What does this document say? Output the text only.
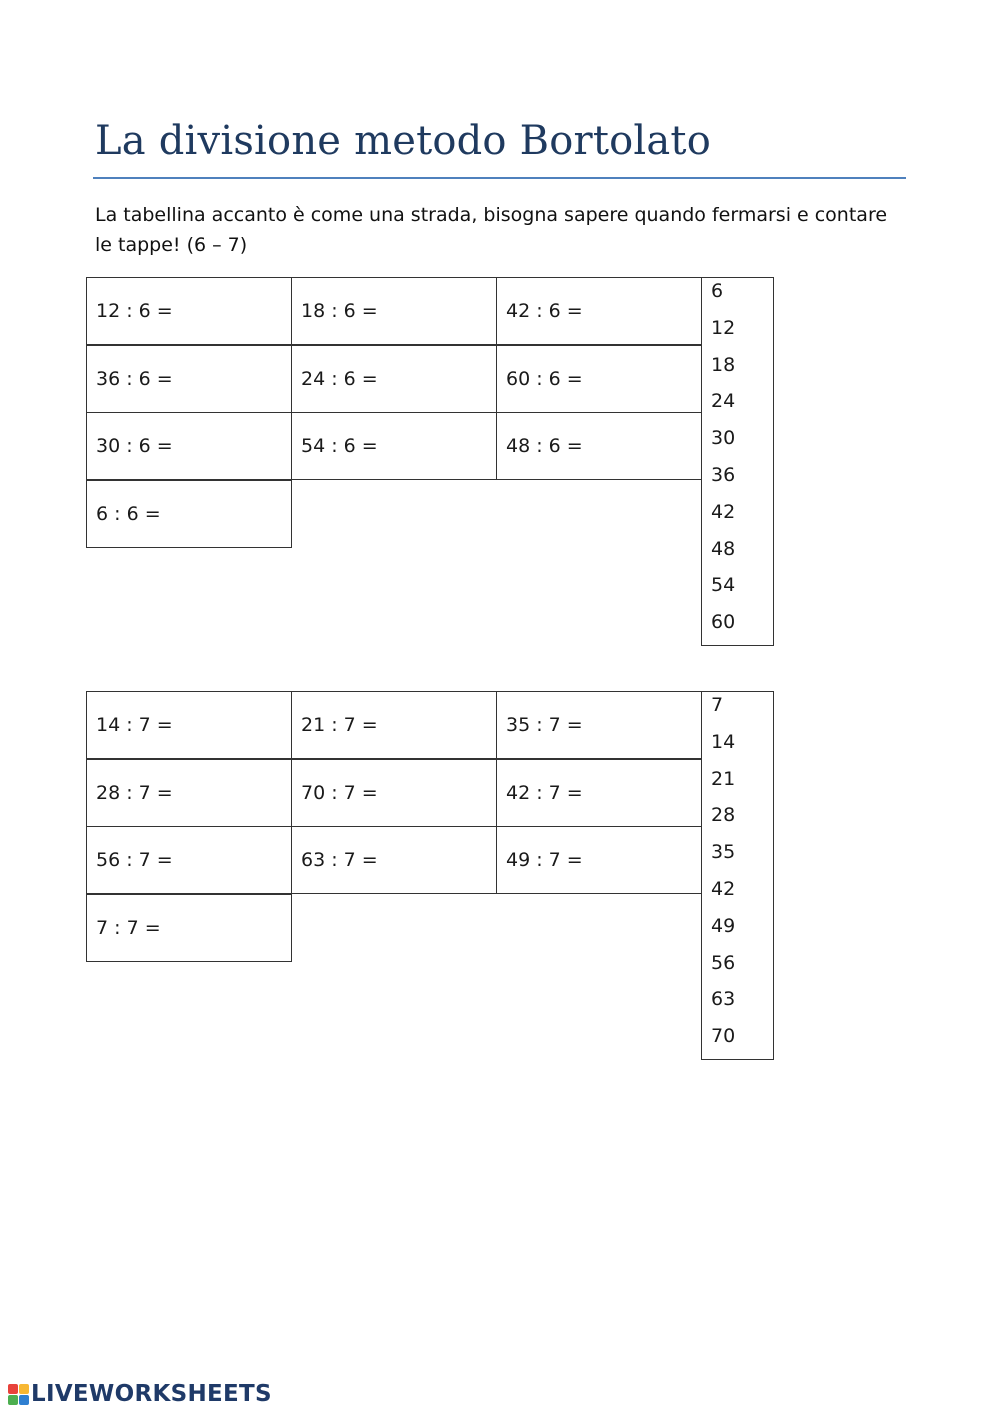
La divisione metodo Bortolato

La tabellina accanto è come una strada, bisogna sapere quando fermarsi e contare le tappe! (6 – 7)

12 : 6 =	18 : 6 =	42 : 6 =
36 : 6 =	24 : 6 =	60 : 6 =
30 : 6 =	54 : 6 =	48 : 6 =
6 : 6 =
6
12
18
24
30
36
42
48
54
60
14 : 7 =	21 : 7 =	35 : 7 =
28 : 7 =	70 : 7 =	42 : 7 =
56 : 7 =	63 : 7 =	49 : 7 =
7 : 7 =
7
14
21
28
35
42
49
56
63
70
LIVEWORKSHEETS
